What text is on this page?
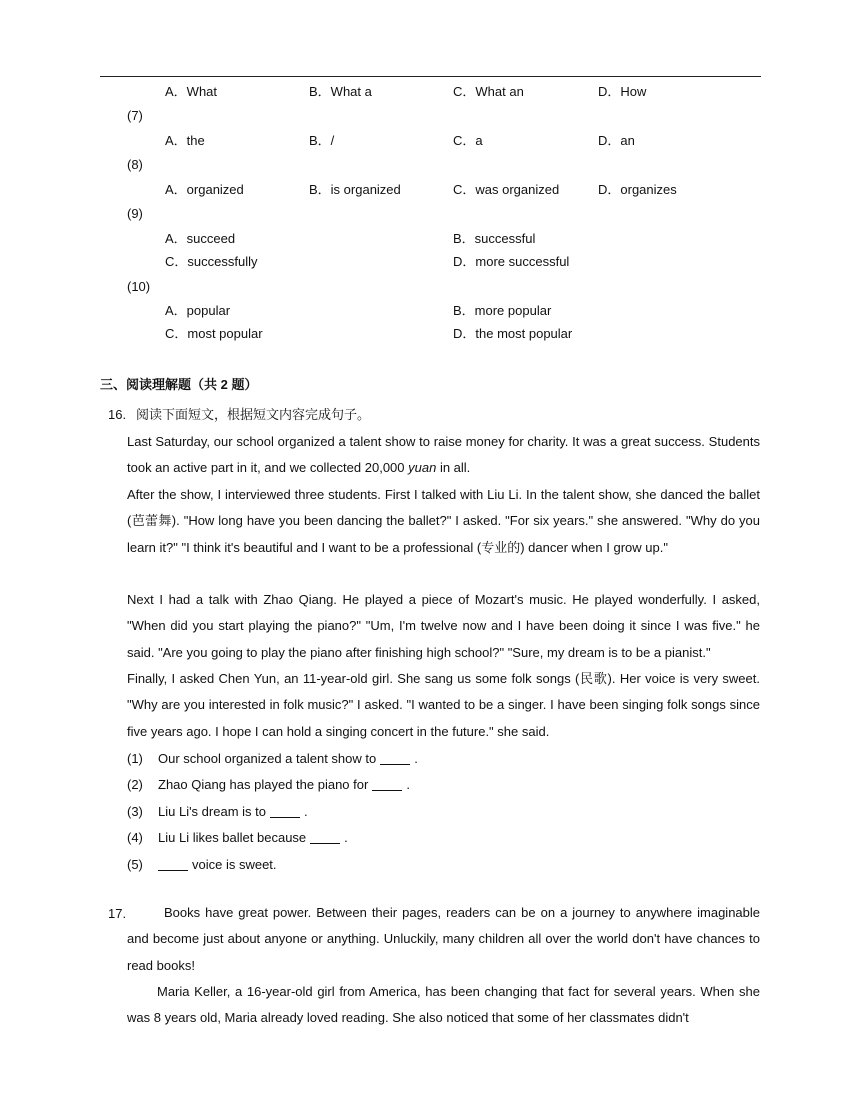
A．What	B．What a	C．What an	D．How
(7)
A．the	B．/	C．a	D．an
(8)
A．organized	B．is organized	C．was organized	D．organizes
(9)
A．succeed	B．successful
C．successfully	D．more successful
(10)
A．popular	B．more popular
C．most popular	D．the most popular
三、阅读理解题（共 2 题）
16. 阅读下面短文，根据短文内容完成句子。
Last Saturday, our school organized a talent show to raise money for charity. It was a great success. Students took an active part in it, and we collected 20,000 yuan in all.
After the show, I interviewed three students. First I talked with Liu Li. In the talent show, she danced the ballet (芭蕾舞). "How long have you been dancing the ballet?" I asked. "For six years." she answered. "Why do you learn it?" "I think it's beautiful and I want to be a professional (专业的) dancer when I grow up."
Next I had a talk with Zhao Qiang. He played a piece of Mozart's music. He played wonderfully. I asked, "When did you start playing the piano?" "Um, I'm twelve now and I have been doing it since I was five." he said. "Are you going to play the piano after finishing high school?" "Sure, my dream is to be a pianist."
Finally, I asked Chen Yun, an 11-year-old girl. She sang us some folk songs (民歌). Her voice is very sweet. "Why are you interested in folk music?" I asked. "I wanted to be a singer. I have been singing folk songs since five years ago. I hope I can hold a singing concert in the future." she said.
(1) Our school organized a talent show to	.
(2) Zhao Qiang has played the piano for	.
(3) Liu Li's dream is to	.
(4) Liu Li likes ballet because	.
(5)	voice is sweet.
17.	Books have great power. Between their pages, readers can be on a journey to anywhere imaginable and become just about anyone or anything. Unluckily, many children all over the world don't have chances to read books!
Maria Keller, a 16-year-old girl from America, has been changing that fact for several years. When she was 8 years old, Maria already loved reading. She also noticed that some of her classmates didn't
